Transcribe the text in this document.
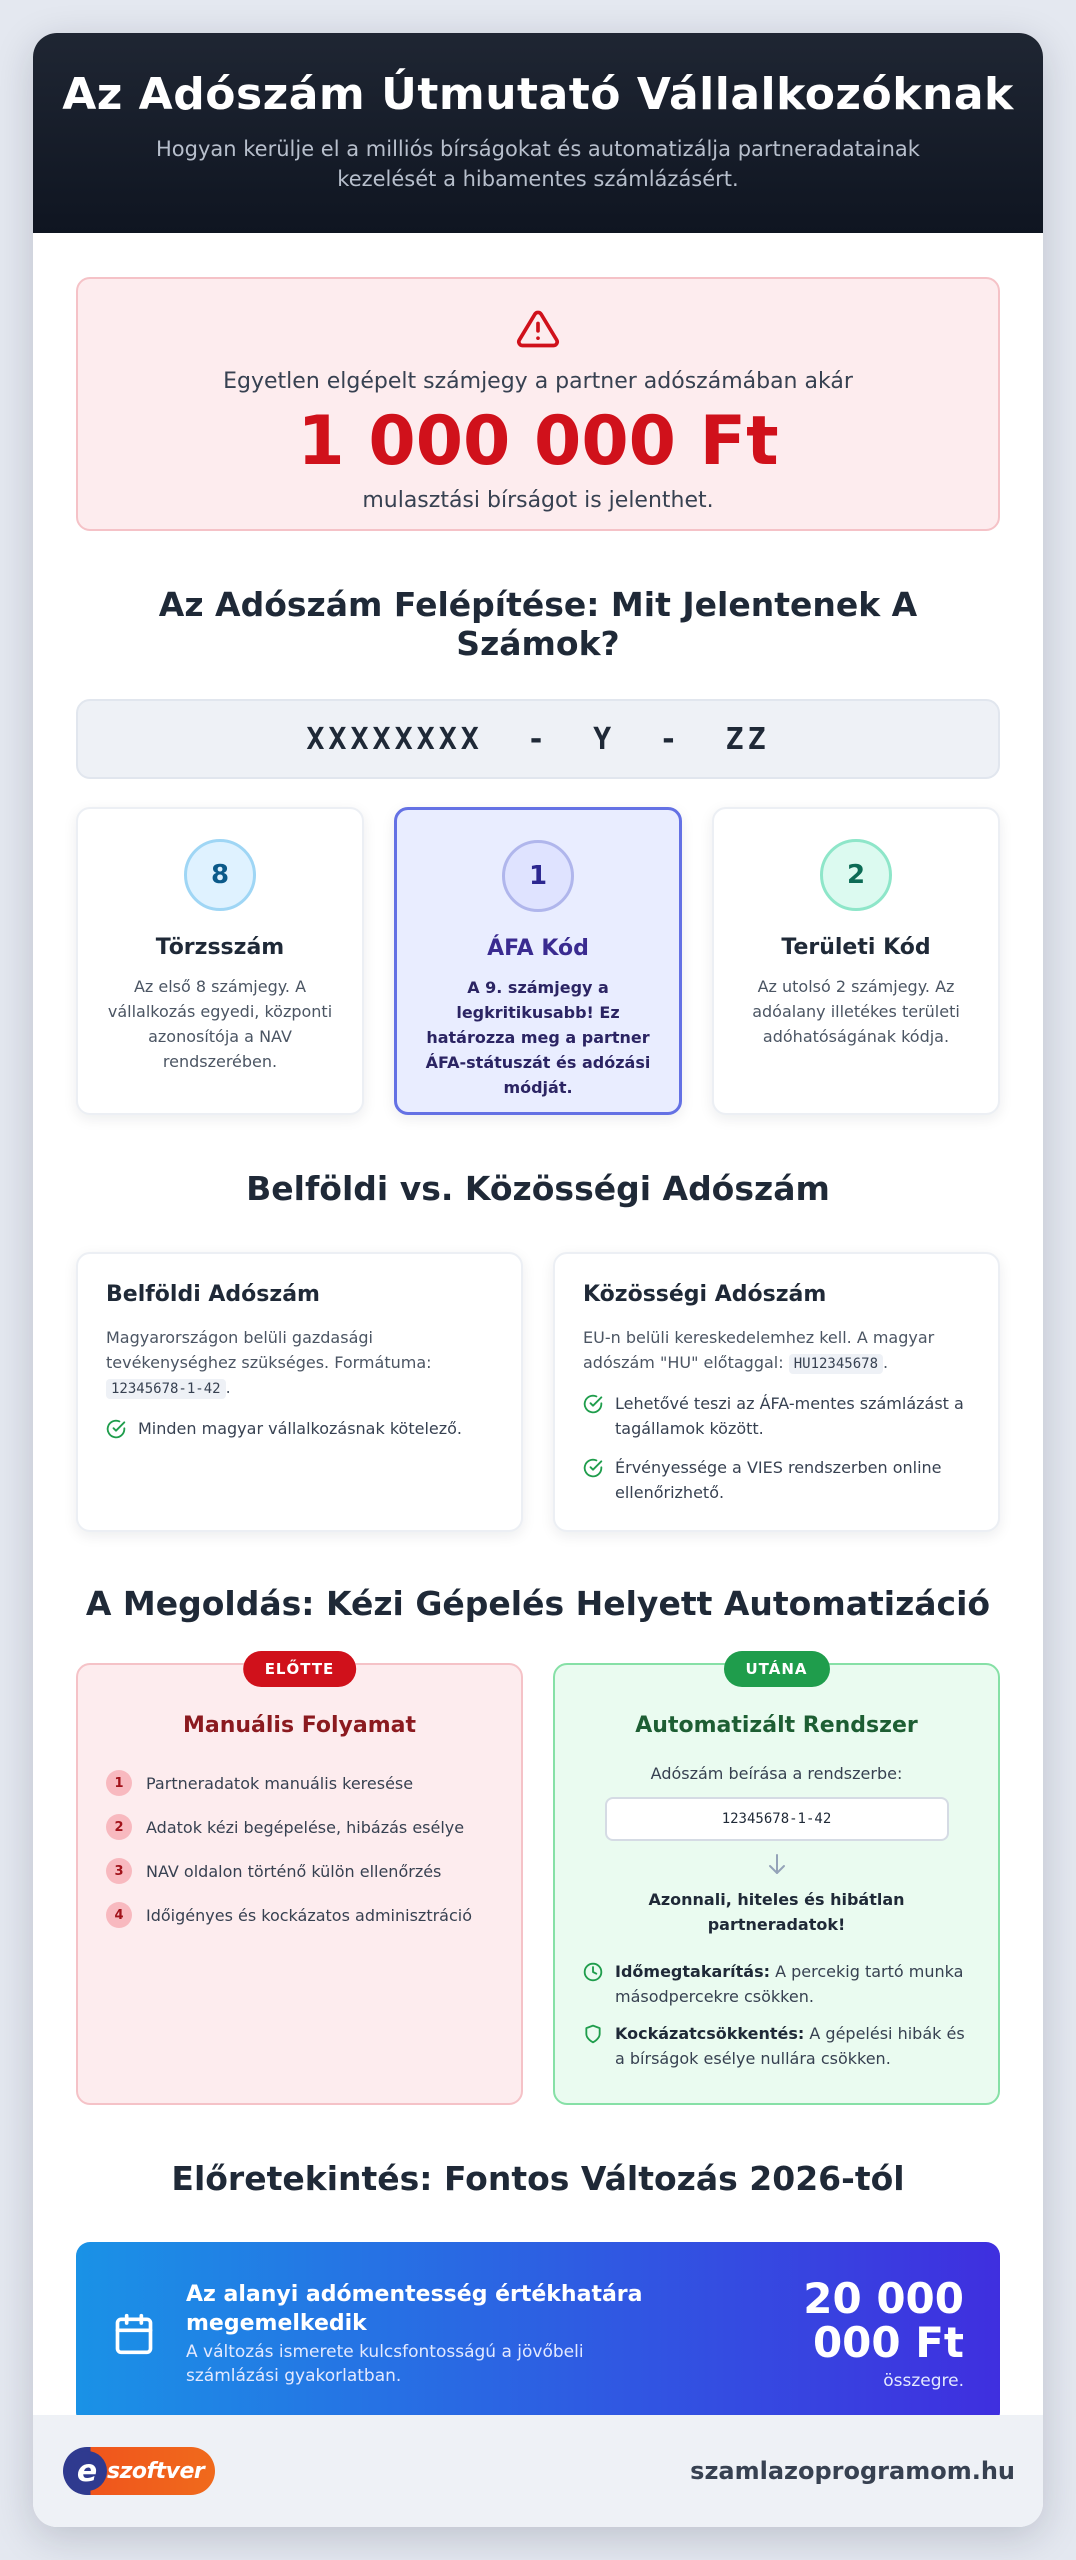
Az Adószám Útmutató Vállalkozóknak

Hogyan kerülje el a milliós bírságokat és automatizálja partneradatainak kezelését a hibamentes számlázásért.

Egyetlen elgépelt számjegy a partner adószámában akár
1 000 000 Ft
mulasztási bírságot is jelenthet.
Az Adószám Felépítése: Mit Jelentenek A Számok?
XXXXXXXX  -  Y  -  ZZ
8
Törzsszám

Az első 8 számjegy. A vállalkozás egyedi, központi azonosítója a NAV rendszerében.

1
ÁFA Kód

A 9. számjegy a legkritikusabb! Ez határozza meg a partner ÁFA-státuszát és adózási módját.

2
Területi Kód

Az utolsó 2 számjegy. Az adóalany illetékes területi adóhatóságának kódja.

Belföldi vs. Közösségi Adószám
Belföldi Adószám
Magyarországon belüli gazdasági tevékenységhez szükséges. Formátuma:
12345678-1-42 .
Minden magyar vállalkozásnak kötelező.
Közösségi Adószám
EU-n belüli kereskedelemhez kell. A magyar adószám "HU" előtaggal: HU12345678 .
Lehetővé teszi az ÁFA-mentes számlázást a tagállamok között.
Érvényessége a VIES rendszerben online ellenőrizhető.
A Megoldás: Kézi Gépelés Helyett Automatizáció
ELŐTTE
Manuális Folyamat
1	Partneradatok manuális keresése
2	Adatok kézi begépelése, hibázás esélye
3	NAV oldalon történő külön ellenőrzés
4	Időigényes és kockázatos adminisztráció
UTÁNA
Automatizált Rendszer
Adószám beírása a rendszerbe:
12345678-1-42
Azonnali, hiteles és hibátlan partneradatok!
Időmegtakarítás: A percekig tartó munka másodpercekre csökken.
Kockázatcsökkentés: A gépelési hibák és a bírságok esélye nullára csökken.
Előretekintés: Fontos Változás 2026-tól
Az alanyi adómentesség értékhatára megemelkedik

A változás ismerete kulcsfontosságú a jövőbeli számlázási gyakorlatban.

20 000 000 Ft
összegre.
e szoftver	szamlazoprogramom.hu
